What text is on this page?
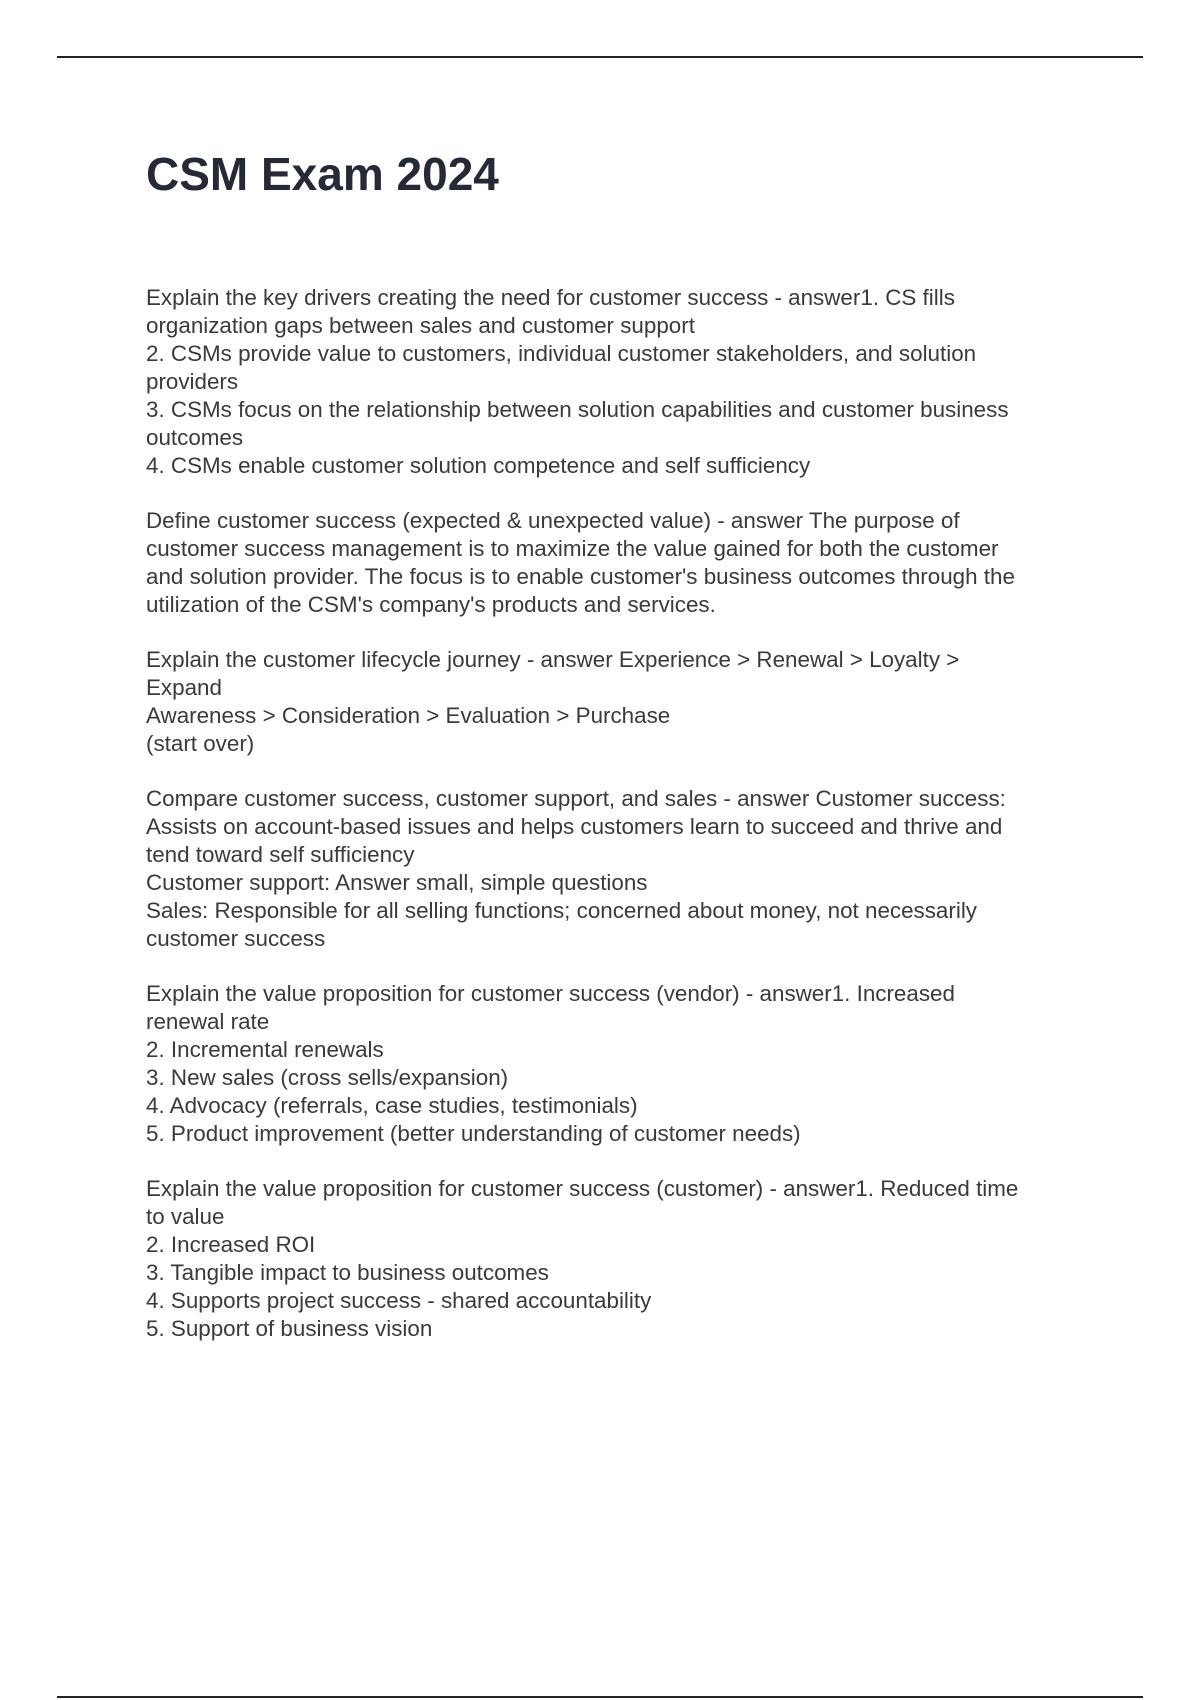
CSM Exam 2024

Explain the key drivers creating the need for customer success - answer1. CS fills
organization gaps between sales and customer support
2. CSMs provide value to customers, individual customer stakeholders, and solution
providers
3. CSMs focus on the relationship between solution capabilities and customer business
outcomes
4. CSMs enable customer solution competence and self sufficiency

Define customer success (expected & unexpected value) - answer The purpose of
customer success management is to maximize the value gained for both the customer
and solution provider. The focus is to enable customer's business outcomes through the
utilization of the CSM's company's products and services.

Explain the customer lifecycle journey - answer Experience > Renewal > Loyalty >
Expand
Awareness > Consideration > Evaluation > Purchase
(start over)

Compare customer success, customer support, and sales - answer Customer success:
Assists on account-based issues and helps customers learn to succeed and thrive and
tend toward self sufficiency
Customer support: Answer small, simple questions
Sales: Responsible for all selling functions; concerned about money, not necessarily
customer success

Explain the value proposition for customer success (vendor) - answer1. Increased
renewal rate
2. Incremental renewals
3. New sales (cross sells/expansion)
4. Advocacy (referrals, case studies, testimonials)
5. Product improvement (better understanding of customer needs)

Explain the value proposition for customer success (customer) - answer1. Reduced time
to value
2. Increased ROI
3. Tangible impact to business outcomes
4. Supports project success - shared accountability
5. Support of business vision
